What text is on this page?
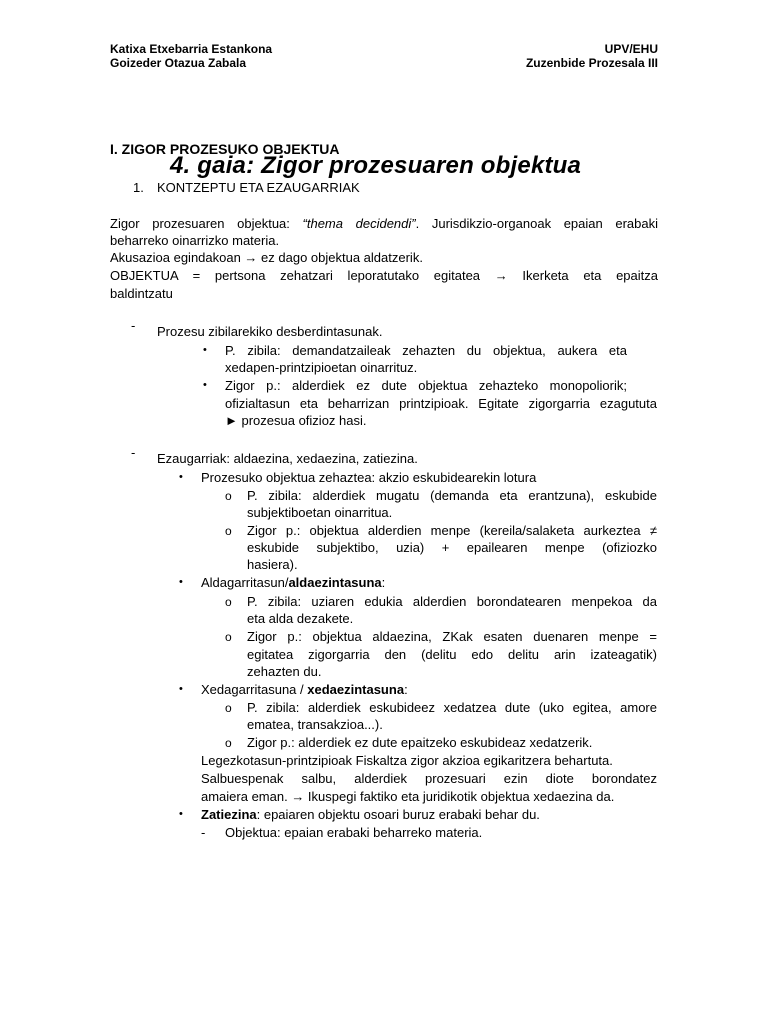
Katixa Etxebarria Estankona
Goizeder Otazua Zabala
UPV/EHU
Zuzenbide Prozesala III
I. ZIGOR PROZESUKO OBJEKTUA
4. gaia: Zigor prozesuaren objektua
1. KONTZEPTU ETA EZAUGARRIAK
Zigor prozesuaren objektua: “thema decidendi”. Jurisdikzio-organoak epaian erabaki
beharreko oinarrizko materia.
Akusazioa egindakoan → ez dago objektua aldatzerik.
OBJEKTUA = pertsona zehatzari leporatutako egitatea → Ikerketa eta epaitza
baldintzatu
- Prozesu zibilarekiko desberdintasunak.
• P. zibila: demandatzaileak zehazten du objektua, aukera eta
xedapen-printzipioetan oinarrituz.
• Zigor p.: alderdiek ez dute objektua zehazteko monopoliorik;
ofizialtasun eta beharrizan printzipioak. Egitate zigorgarria ezagututa
► prozesua ofizioz hasi.
- Ezaugarriak: aldaezina, xedaezina, zatiezina.
• Prozesuko objektua zehaztea: akzio eskubidearekin lotura
o P. zibila: alderdiek mugatu (demanda eta erantzuna), eskubide
subjektiboetan oinarritua.
o Zigor p.: objektua alderdien menpe (kereila/salaketa aurkeztea ≠
eskubide subjektibo, uzia) + epailearen menpe (ofiziozko
hasiera).
• Aldagarritasun/aldaezintasuna:
o P. zibila: uziaren edukia alderdien borondatearen menpekoa da
eta alda dezakete.
o Zigor p.: objektua aldaezina, ZKak esaten duenaren menpe =
egitatea zigorgarria den (delitu edo delitu arin izateagatik)
zehazten du.
• Xedagarritasuna / xedaezintasuna:
o P. zibila: alderdiek eskubideez xedatzea dute (uko egitea, amore
ematea, transakzioa...).
o Zigor p.: alderdiek ez dute epaitzeko eskubideaz xedatzerik.
Legezkotasun-printzipioak Fiskaltza zigor akzioa egikaritzera behartuta.
Salbuespenak salbu, alderdiek prozesuari ezin diote borondatez
amaiera eman. → Ikuspegi faktiko eta juridikotik objektua xedaezina da.
• Zatiezina: epaiaren objektu osoari buruz erabaki behar du.
- Objektua: epaian erabaki beharreko materia.
